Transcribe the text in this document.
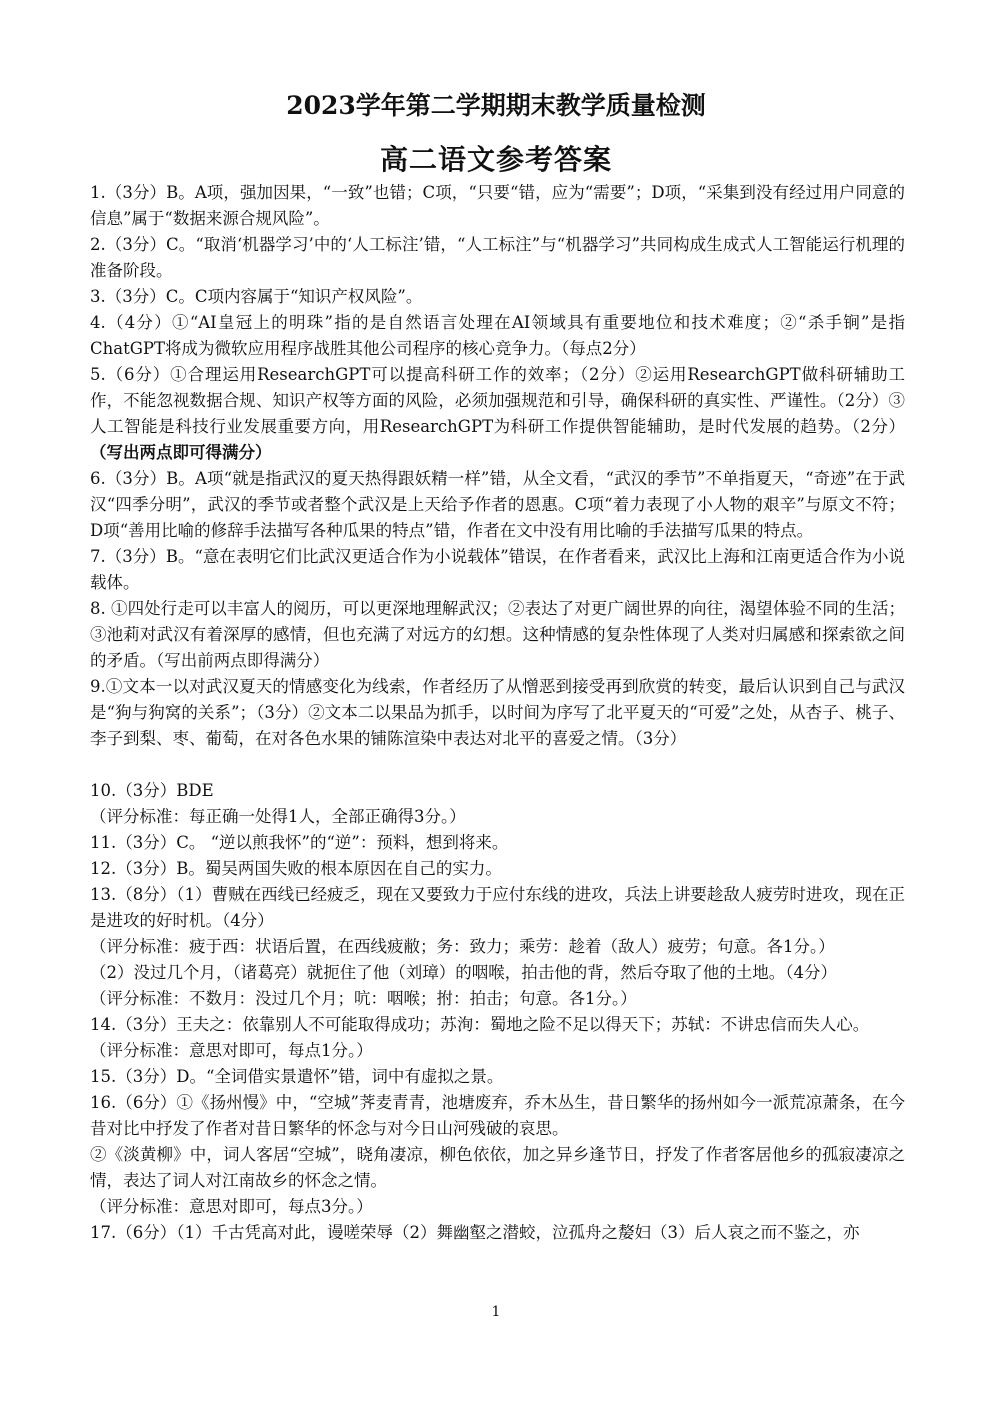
2023学年第二学期期末教学质量检测
高二语文参考答案

1.（3分）B。A项，强加因果，“一致”也错；C项，“只要“错，应为“需要”；D项，“采集到没有经过用户同意的信息”属于“数据来源合规风险”。

2.（3分）C。“取消‘机器学习’中的‘人工标注’错，“人工标注”与“机器学习”共同构成生成式人工智能运行机理的准备阶段。

3.（3分）C。C项内容属于“知识产权风险”。

4.（4分）①“AI皇冠上的明珠”指的是自然语言处理在AI领域具有重要地位和技术难度；②“杀手锏”是指ChatGPT将成为微软应用程序战胜其他公司程序的核心竞争力。（每点2分）

5.（6分）①合理运用ResearchGPT可以提高科研工作的效率；（2分）②运用ResearchGPT做科研辅助工作，不能忽视数据合规、知识产权等方面的风险，必须加强规范和引导，确保科研的真实性、严谨性。（2分）③人工智能是科技行业发展重要方向，用ResearchGPT为科研工作提供智能辅助，是时代发展的趋势。（2分）（写出两点即可得满分）

6.（3分）B。A项“就是指武汉的夏天热得跟妖精一样”错，从全文看，“武汉的季节”不单指夏天，“奇迹”在于武汉“四季分明”，武汉的季节或者整个武汉是上天给予作者的恩惠。C项“着力表现了小人物的艰辛”与原文不符；D项“善用比喻的修辞手法描写各种瓜果的特点”错，作者在文中没有用比喻的手法描写瓜果的特点。

7.（3分）B。“意在表明它们比武汉更适合作为小说载体”错误，在作者看来，武汉比上海和江南更适合作为小说载体。

8. ①四处行走可以丰富人的阅历，可以更深地理解武汉；②表达了对更广阔世界的向往，渴望体验不同的生活；③池莉对武汉有着深厚的感情，但也充满了对远方的幻想。这种情感的复杂性体现了人类对归属感和探索欲之间的矛盾。（写出前两点即得满分）

9.①文本一以对武汉夏天的情感变化为线索，作者经历了从憎恶到接受再到欣赏的转变，最后认识到自己与武汉是“狗与狗窝的关系”；（3分）②文本二以果品为抓手，以时间为序写了北平夏天的“可爱”之处，从杏子、桃子、李子到梨、枣、葡萄，在对各色水果的铺陈渲染中表达对北平的喜爱之情。（3分）

10.（3分）BDE

（评分标准：每正确一处得1人，全部正确得3分。）

11.（3分）C。 “逆以煎我怀”的“逆”：预料，想到将来。

12.（3分）B。蜀吴两国失败的根本原因在自己的实力。

13.（8分）（1）曹贼在西线已经疲乏，现在又要致力于应付东线的进攻，兵法上讲要趁敌人疲劳时进攻，现在正是进攻的好时机。（4分）

（评分标准：疲于西：状语后置，在西线疲敝；务：致力；乘劳：趁着（敌人）疲劳；句意。各1分。）

（2）没过几个月，（诸葛亮）就扼住了他（刘璋）的咽喉，拍击他的背，然后夺取了他的土地。（4分）

（评分标准：不数月：没过几个月；吭：咽喉；拊：拍击；句意。各1分。）

14.（3分）王夫之：依靠别人不可能取得成功；苏洵：蜀地之险不足以得天下；苏轼：不讲忠信而失人心。

（评分标准：意思对即可，每点1分。）

15.（3分）D。“全词借实景遣怀”错，词中有虚拟之景。

16.（6分）①《扬州慢》中，“空城”荠麦青青，池塘废弃，乔木丛生，昔日繁华的扬州如今一派荒凉萧条，在今昔对比中抒发了作者对昔日繁华的怀念与对今日山河残破的哀思。

②《淡黄柳》中，词人客居“空城”，晓角凄凉，柳色依依，加之异乡逢节日，抒发了作者客居他乡的孤寂凄凉之情，表达了词人对江南故乡的怀念之情。

（评分标准：意思对即可，每点3分。）

17.（6分）（1）千古凭高对此，谩嗟荣辱（2）舞幽壑之潜蛟，泣孤舟之嫠妇（3）后人哀之而不鉴之，亦

1
